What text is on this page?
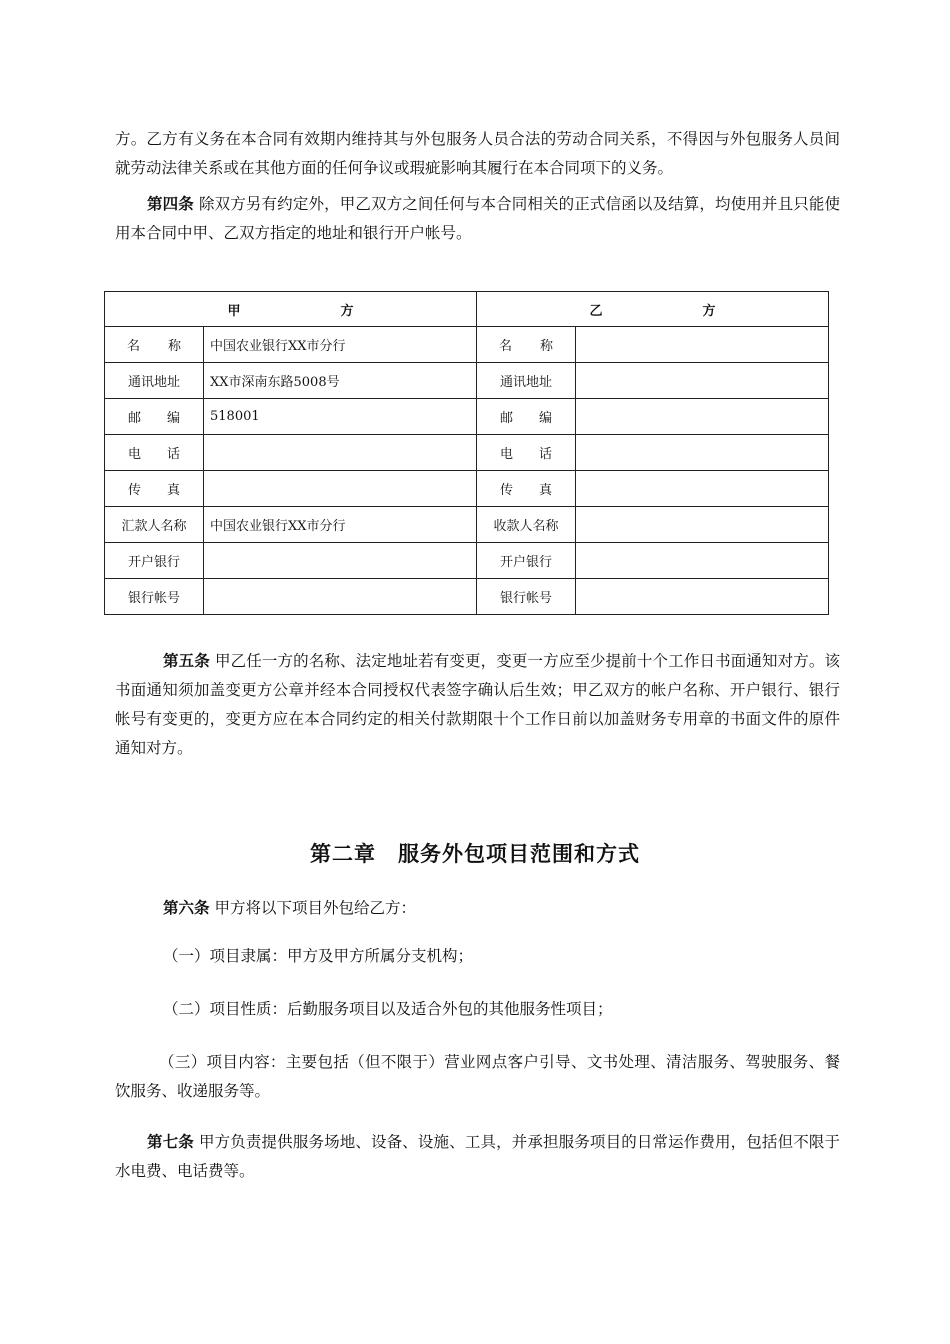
方。乙方有义务在本合同有效期内维持其与外包服务人员合法的劳动合同关系，不得因与外包服务人员间就劳动法律关系或在其他方面的任何争议或瑕疵影响其履行在本合同项下的义务。
第四条 除双方另有约定外，甲乙双方之间任何与本合同相关的正式信函以及结算，均使用并且只能使用本合同中甲、乙双方指定的地址和银行开户帐号。
甲 方		乙 方	
名 称	中国农业银行XX市分行	名 称	
通讯地址	XX市深南东路5008号	通讯地址	
邮　　编	518001	邮　　编	
电　　话		电　　话	
传　　真		传　　真	
汇款人名称	中国农业银行XX市分行	收款人名称	
开户银行		开户银行	
银行帐号		银行帐号	
第五条 甲乙任一方的名称、法定地址若有变更，变更一方应至少提前十个工作日书面通知对方。该书面通知须加盖变更方公章并经本合同授权代表签字确认后生效；甲乙双方的帐户名称、开户银行、银行帐号有变更的，变更方应在本合同约定的相关付款期限十个工作日前以加盖财务专用章的书面文件的原件通知对方。
第二章　服务外包项目范围和方式
第六条 甲方将以下项目外包给乙方：
（一）项目隶属：甲方及甲方所属分支机构；
（二）项目性质：后勤服务项目以及适合外包的其他服务性项目；
（三）项目内容：主要包括（但不限于）营业网点客户引导、文书处理、清洁服务、驾驶服务、餐饮服务、收递服务等。
第七条 甲方负责提供服务场地、设备、设施、工具，并承担服务项目的日常运作费用，包括但不限于水电费、电话费等。
